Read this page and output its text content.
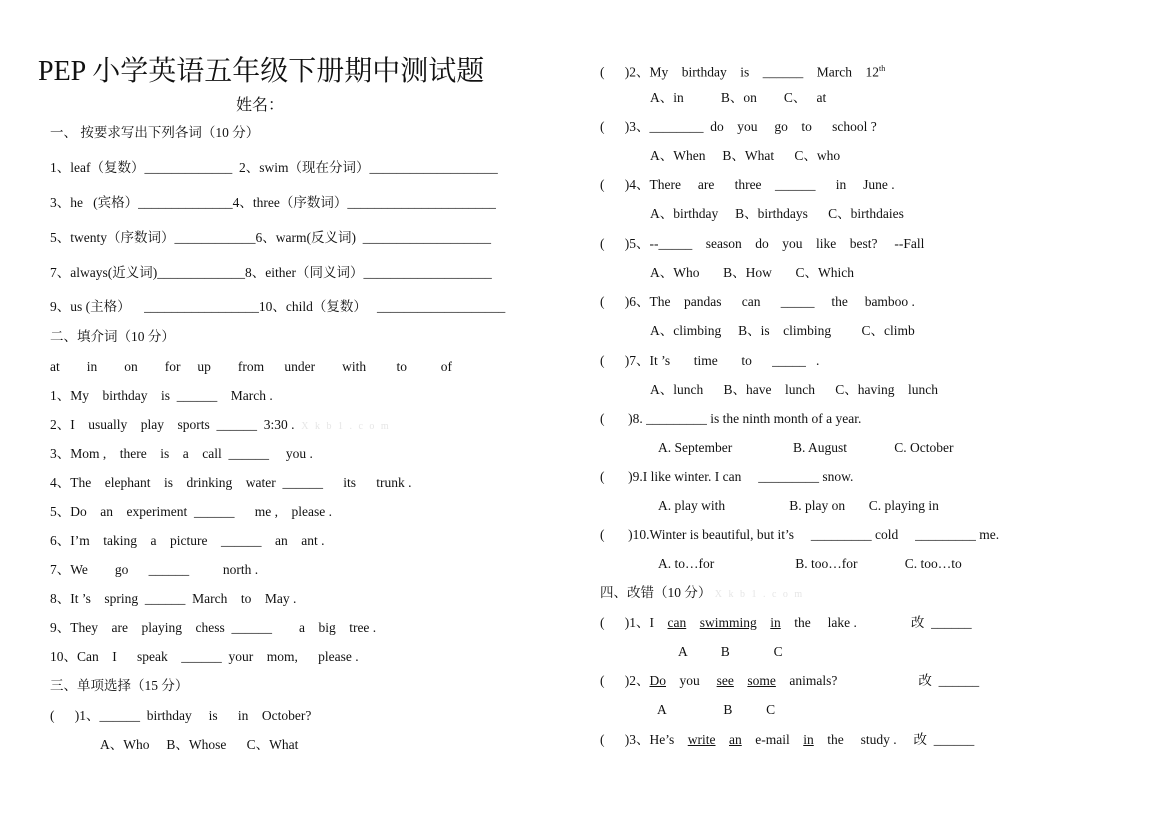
PEP 小学英语五年级下册期中测试题
姓名：
一、 按要求写出下列各词（10 分）
1、leaf（复数）_____________  2、swim（现在分词）___________________
3、he   (宾格）______________4、three（序数词）______________________
5、twenty（序数词）____________6、warm(反义词)  ___________________
7、always(近义词)_____________8、either（同义词）___________________
9、us (主格）    _________________10、child（复数）   ___________________
二、填介词（10 分）
at        in        on        for     up        from      under        with         to          of
1、My    birthday    is  ______    March .
2、I    usually    play    sports  ______  3:30 . X k b 1 . c o m
3、Mom ,    there    is    a    call  ______     you .
4、The    elephant    is    drinking    water  ______      its      trunk .
5、Do    an    experiment  ______      me ,    please .
6、I’m    taking    a    picture    ______    an    ant .
7、We        go      ______          north .
8、It ’s    spring  ______  March    to    May .
9、They    are    playing    chess  ______        a    big    tree .
10、Can    I      speak    ______  your    mom,      please .
三、单项选择（15 分）
(      )1、______  birthday     is      in    October?
A、Who     B、Whose      C、What
(      )2、My    birthday    is    ______    March    12th
A、in           B、on        C、   at
(      )3、________  do    you     go    to      school ?
A、When     B、What      C、who
(      )4、There     are      three    ______      in     June .
A、birthday     B、birthdays      C、birthdaies
(      )5、--_____    season    do    you    like    best?     --Fall
A、Who       B、How       C、Which
(      )6、The    pandas      can      _____     the     bamboo .
A、climbing     B、is    climbing         C、climb
(      )7、It ’s       time       to      _____   .
A、lunch      B、have    lunch      C、having    lunch
(       )8. _________ is the ninth month of a year.
A. September                  B. August              C. October
(       )9.I like winter. I can     _________ snow.
A. play with                   B. play on       C. playing in
(       )10.Winter is beautiful, but it’s     _________ cold     _________ me.
A. to…for                        B. too…for              C. too…to
四、改错（10 分） X k b 1 . c o m
(      )1、I    can swimming in    the     lake .                改  ______
A          B             C
(      )2、Do    you     see some    animals?                        改  ______
A                 B          C
(      )3、He’s    write an    e-mail    in    the     study .     改  ______
